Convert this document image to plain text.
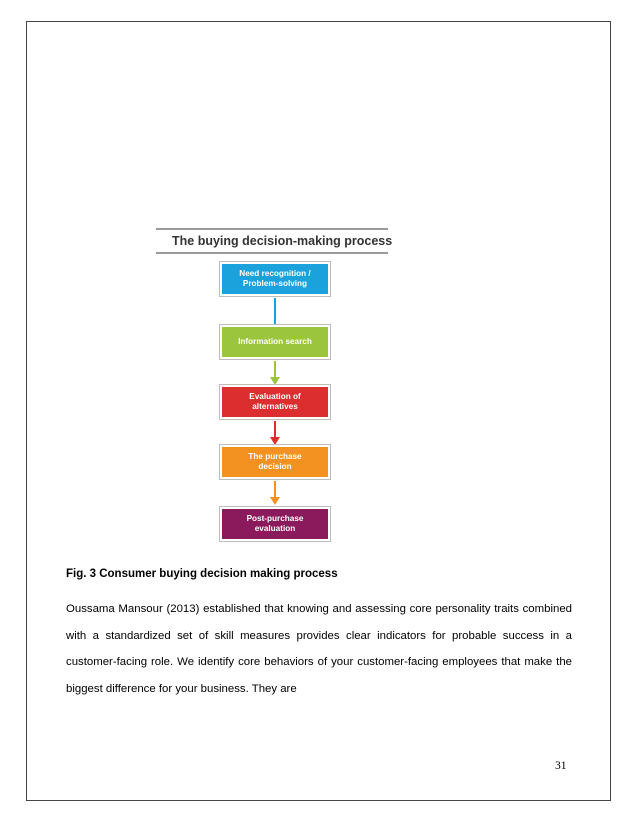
The buying decision-making process
Need recognition /
Problem-solving
Information search
Evaluation of
alternatives
The purchase
decision
Post-purchase
evaluation
Fig. 3 Consumer buying decision making process

Oussama Mansour (2013) established that knowing and assessing core personality traits combined with a standardized set of skill measures provides clear indicators for probable success in a customer-facing role. We identify core behaviors of your customer-facing employees that make the biggest difference for your business. They are

31
